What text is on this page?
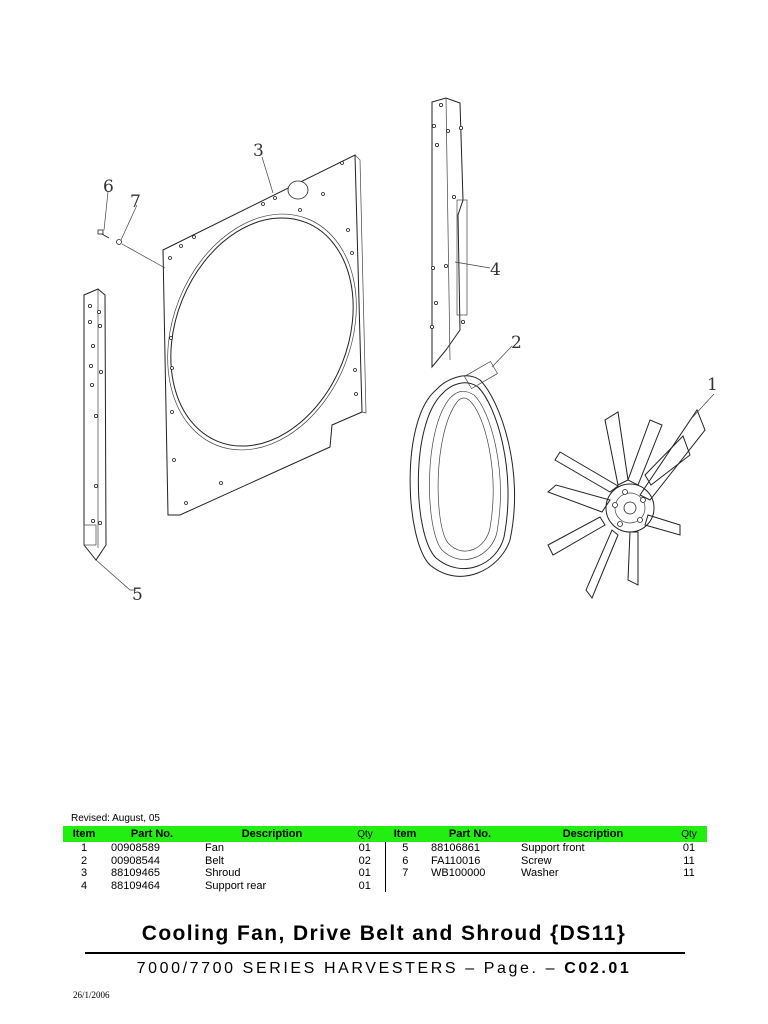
5
6
7
3
4
2
1
Revised: August, 05
Item	Part No.	Description	Qty	Item	Part No.	Description	Qty
1	00908589	Fan	01	5	88106861	Support front	01
2	00908544	Belt	02	6	FA110016	Screw	11
3	88109465	Shroud	01	7	WB100000	Washer	11
4	88109464	Support rear	01				
Cooling Fan, Drive Belt and Shroud {DS11}
7000/7700 SERIES HARVESTERS – Page. – C02.01
26/1/2006
